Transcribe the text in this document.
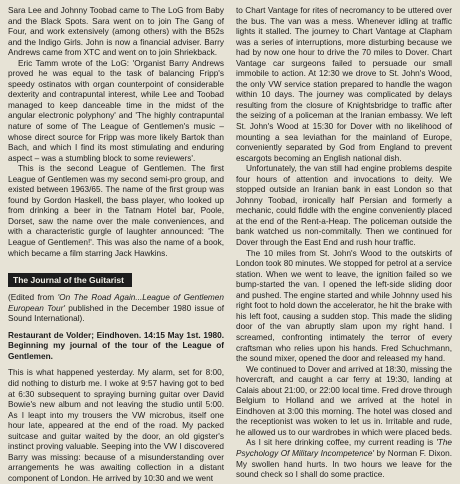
Sara Lee and Johnny Toobad came to The LoG from Baby and the Black Spots. Sara went on to join The Gang of Four, and work extensively (among others) with the B52s and the Indigo Girls. John is now a financial adviser. Barry Andrews came from XTC and went on to join Shriekback.

Eric Tamm wrote of the LoG: 'Organist Barry Andrews proved he was equal to the task of balancing Fripp's speedy ostinatos with organ counterpoint of considerable dexterity and contrapuntal interest, while Lee and Toobad managed to keep danceable time in the midst of the angular electronic polyphony' and 'The highly contrapuntal nature of some of The League of Gentlemen's music – whose direct source for Fripp was more likely Bartok than Bach, and which I find its most stimulating and enduring aspect – was a stumbling block to some reviewers'.

This is the second League of Gentlemen. The first League of Gentlemen was my second semi-pro group, and existed between 1963/65. The name of the first group was found by Gordon Haskell, the bass player, who looked up from drinking a beer in the Tatnam Hotel bar, Poole, Dorset, saw the name over the male conveniences, and with a characteristic gurgle of laughter announced: 'The League of Gentlemen!'. This was also the name of a book, which became a film starring Jack Hawkins.

The Journal of the Guitarist

(Edited from 'On The Road Again...League of Gentlemen European Tour' published in the December 1980 issue of Sound International).

Restaurant de Volder; Eindhoven. 14:15 May 1st. 1980. Beginning my journal of the tour of the League of Gentlemen.

This is what happened yesterday. My alarm, set for 8:00, did nothing to disturb me. I woke at 9:57 having got to bed at 6:30 subsequent to spraying burning guitar over David Bowie's new album and not leaving the studio until 5:00. As I leapt into my trousers the VW microbus, itself one hour late, appeared at the end of the road. My packed suitcase and guitar waited by the door, an old gigster's instinct proving valuable. Seeping into the VW I discovered Barry was missing: because of a misunderstanding over arrangements he was awaiting collection in a distant component of London. He arrived by 10:30 and we went

to Chart Vantage for rites of necromancy to be uttered over the bus. The van was a mess. Whenever idling at traffic lights it stalled. The journey to Chart Vantage at Clapham was a series of interruptions, more disturbing because we had by now one hour to drive the 70 miles to Dover. Chart Vantage car surgeons failed to persuade our small immobile to action. At 12:30 we drove to St. John's Wood, the only VW service station prepared to handle the wagon within 10 days. The journey was complicated by delays resulting from the closure of Knightsbridge to traffic after the seizing of a policeman at the Iranian embassy. We left St. John's Wood at 15:30 for Dover with no likelihood of mounting a sea leviathan for the mainland of Europe, conveniently separated by God from England to prevent escargots becoming an English national dish.

Unfortunately, the van still had engine problems despite four hours of attention and invocations to deity. We stopped outside an Iranian bank in east London so that Johnny Toobad, ironically half Persian and formerly a mechanic, could fiddle with the engine conveniently placed at the end of the Rent-a-Heap. The policeman outside the bank watched us non-commitally. Then we continued for Dover through the East End and rush hour traffic.

The 10 miles from St. John's Wood to the outskirts of London took 80 minutes. We stopped for petrol at a service station. When we went to leave, the ignition failed so we bump-started the van. I opened the left-side sliding door and pushed. The engine started and while Johnny used his right foot to hold down the accelerator, he hit the brake with his left foot, causing a sudden stop. This made the sliding door of the van abruptly slam upon my right hand. I screamed, confronting intimately the terror of every craftsman who relies upon his hands. Fred Schuchmann, the sound mixer, opened the door and released my hand.

We continued to Dover and arrived at 18:30, missing the hovercraft, and caught a car ferry at 19:30, landing at Calais about 21:00, or 22:00 local time. Fred drove through Belgium to Holland and we arrived at the hotel in Eindhoven at 3:00 this morning. The hotel was closed and the receptionist was woken to let us in. Irritable and rude, he allowed us to our wardrobes in which were placed beds.

As I sit here drinking coffee, my current reading is 'The Psychology Of Military Incompetence' by Norman F. Dixon. My swollen hand hurts. In two hours we leave for the sound check so I shall do some practice.
